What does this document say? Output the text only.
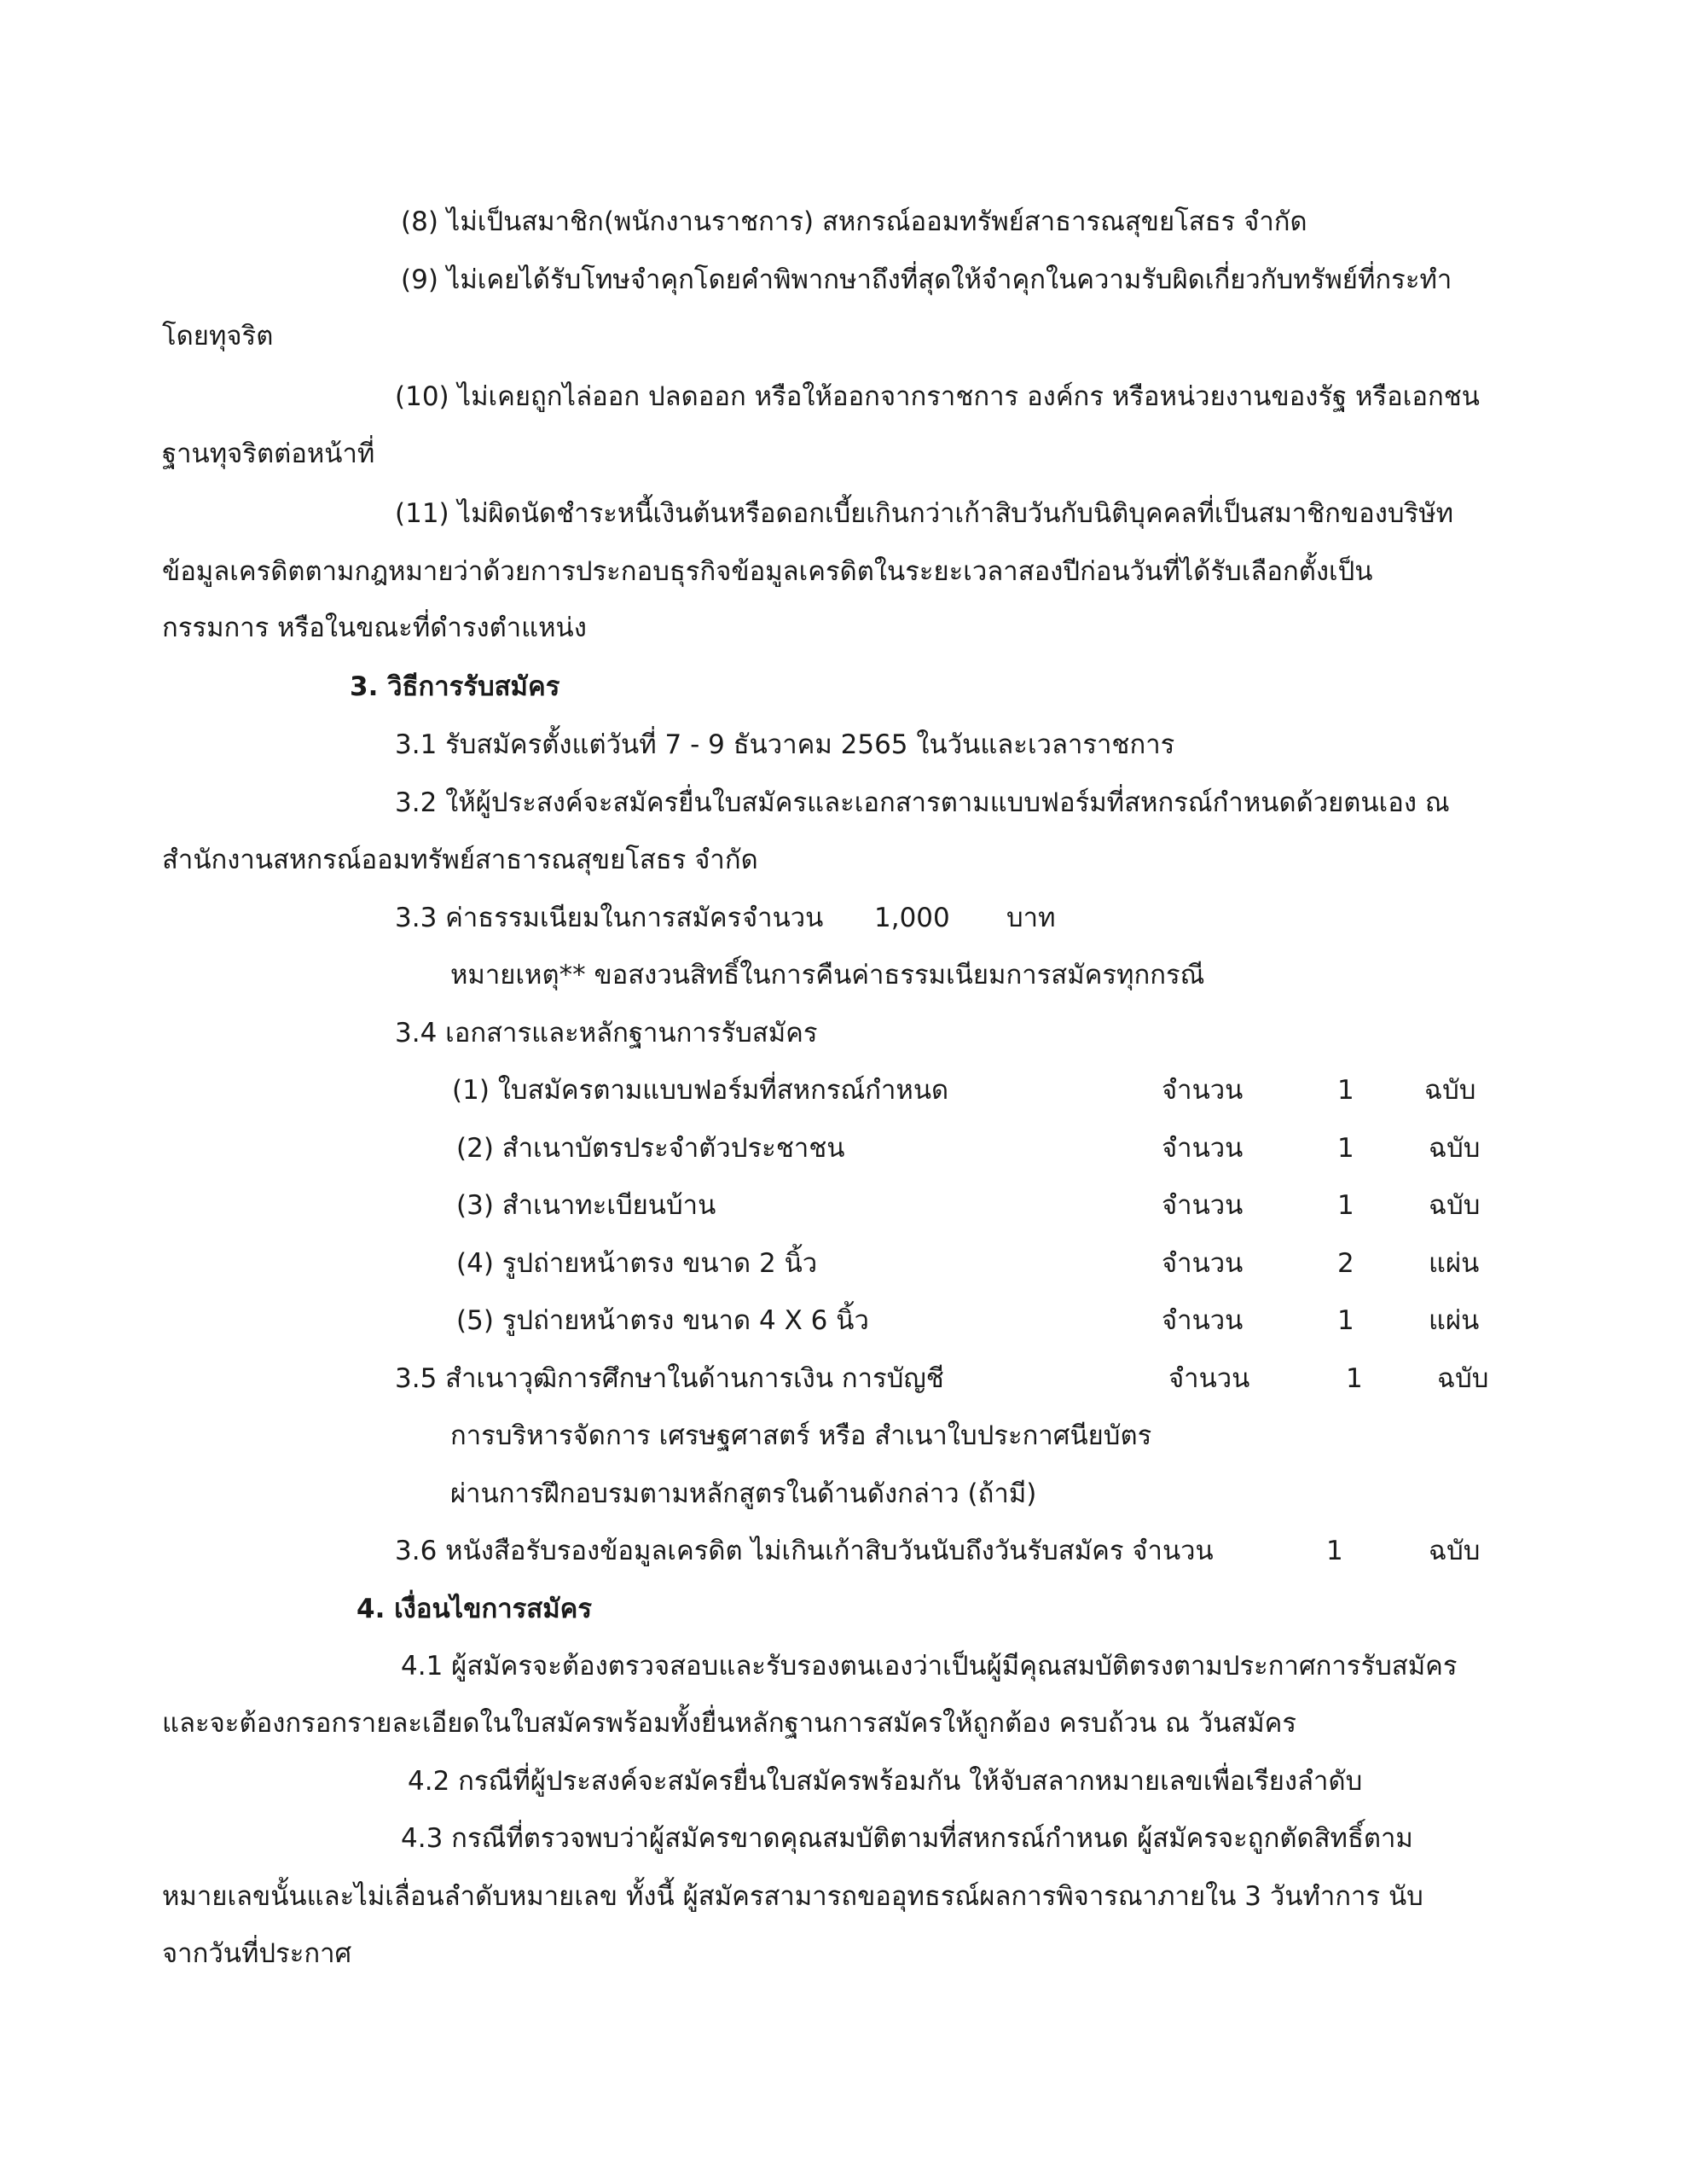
(8) ไม่เป็นสมาชิก(พนักงานราชการ) สหกรณ์ออมทรัพย์สาธารณสุขยโสธร จำกัด
(9) ไม่เคยได้รับโทษจำคุกโดยคำพิพากษาถึงที่สุดให้จำคุกในความรับผิดเกี่ยวกับทรัพย์ที่กระทำ
โดยทุจริต
(10) ไม่เคยถูกไล่ออก ปลดออก หรือให้ออกจากราชการ องค์กร หรือหน่วยงานของรัฐ หรือเอกชน
ฐานทุจริตต่อหน้าที่
(11) ไม่ผิดนัดชำระหนี้เงินต้นหรือดอกเบี้ยเกินกว่าเก้าสิบวันกับนิติบุคคลที่เป็นสมาชิกของบริษัท
ข้อมูลเครดิตตามกฎหมายว่าด้วยการประกอบธุรกิจข้อมูลเครดิตในระยะเวลาสองปีก่อนวันที่ได้รับเลือกตั้งเป็น
กรรมการ หรือในขณะที่ดำรงตำแหน่ง
3. วิธีการรับสมัคร
3.1 รับสมัครตั้งแต่วันที่ 7 - 9 ธันวาคม 2565 ในวันและเวลาราชการ
3.2 ให้ผู้ประสงค์จะสมัครยื่นใบสมัครและเอกสารตามแบบฟอร์มที่สหกรณ์กำหนดด้วยตนเอง ณ
สำนักงานสหกรณ์ออมทรัพย์สาธารณสุขยโสธร จำกัด
3.3 ค่าธรรมเนียมในการสมัคร จำนวน 1,000 บาท
หมายเหตุ** ขอสงวนสิทธิ์ในการคืนค่าธรรมเนียมการสมัครทุกกรณี
3.4 เอกสารและหลักฐานการรับสมัคร
(1) ใบสมัครตามแบบฟอร์มที่สหกรณ์กำหนด	จำนวน	1	ฉบับ
(2) สำเนาบัตรประจำตัวประชาชน	จำนวน	1	ฉบับ
(3) สำเนาทะเบียนบ้าน	จำนวน	1	ฉบับ
(4) รูปถ่ายหน้าตรง ขนาด 2 นิ้ว	จำนวน	2	แผ่น
(5) รูปถ่ายหน้าตรง ขนาด 4 X 6 นิ้ว	จำนวน	1	แผ่น
3.5 สำเนาวุฒิการศึกษาในด้านการเงิน การบัญชี	จำนวน	1	ฉบับ
การบริหารจัดการ เศรษฐศาสตร์ หรือ สำเนาใบประกาศนียบัตร
ผ่านการฝึกอบรมตามหลักสูตรในด้านดังกล่าว (ถ้ามี)
3.6 หนังสือรับรองข้อมูลเครดิต ไม่เกินเก้าสิบวันนับถึงวันรับสมัคร จำนวน	1	ฉบับ
4. เงื่อนไขการสมัคร
4.1 ผู้สมัครจะต้องตรวจสอบและรับรองตนเองว่าเป็นผู้มีคุณสมบัติตรงตามประกาศการรับสมัคร
และจะต้องกรอกรายละเอียดในใบสมัครพร้อมทั้งยื่นหลักฐานการสมัครให้ถูกต้อง ครบถ้วน ณ วันสมัคร
4.2 กรณีที่ผู้ประสงค์จะสมัครยื่นใบสมัครพร้อมกัน ให้จับสลากหมายเลขเพื่อเรียงลำดับ
4.3 กรณีที่ตรวจพบว่าผู้สมัครขาดคุณสมบัติตามที่สหกรณ์กำหนด ผู้สมัครจะถูกตัดสิทธิ์ตาม
หมายเลขนั้นและไม่เลื่อนลำดับหมายเลข ทั้งนี้ ผู้สมัครสามารถขออุทธรณ์ผลการพิจารณาภายใน 3 วันทำการ นับ
จากวันที่ประกาศ
